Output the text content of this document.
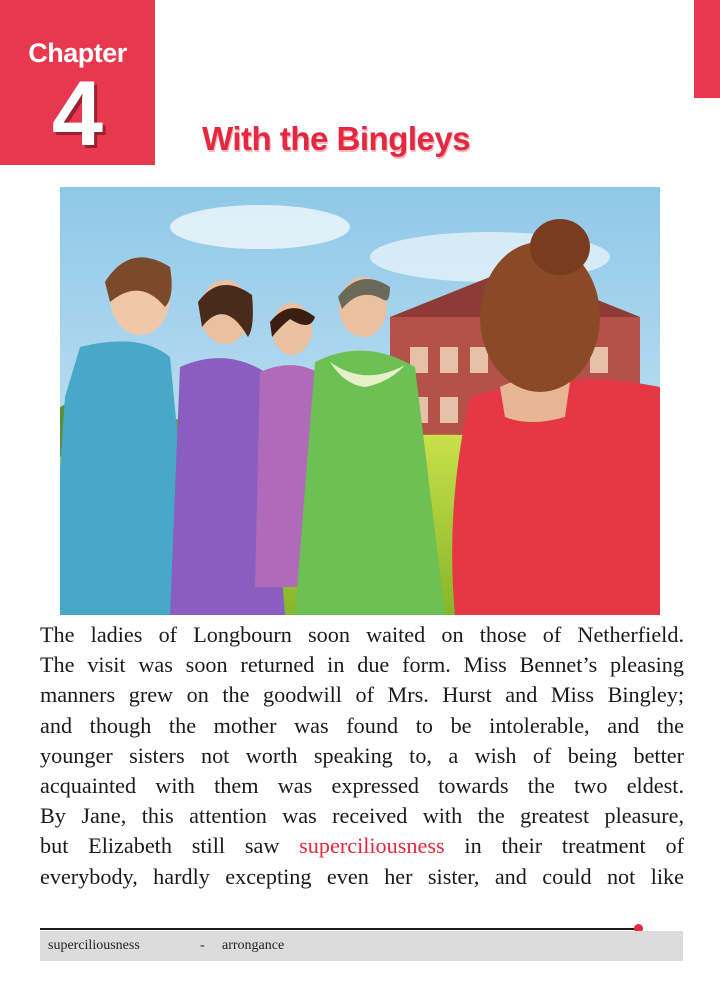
Chapter
4	With the Bingleys
The ladies of Longbourn soon waited on those of Netherfield.
The visit was soon returned in due form. Miss Bennet’s pleasing
manners grew on the goodwill of Mrs. Hurst and Miss Bingley;
and though the mother was found to be intolerable, and the
younger sisters not worth speaking to, a wish of being better
acquainted with them was expressed towards the two eldest.
By Jane, this attention was received with the greatest pleasure,
but Elizabeth still saw superciliousness in their treatment of
everybody, hardly excepting even her sister, and could not like
superciliousness	- arrongance
